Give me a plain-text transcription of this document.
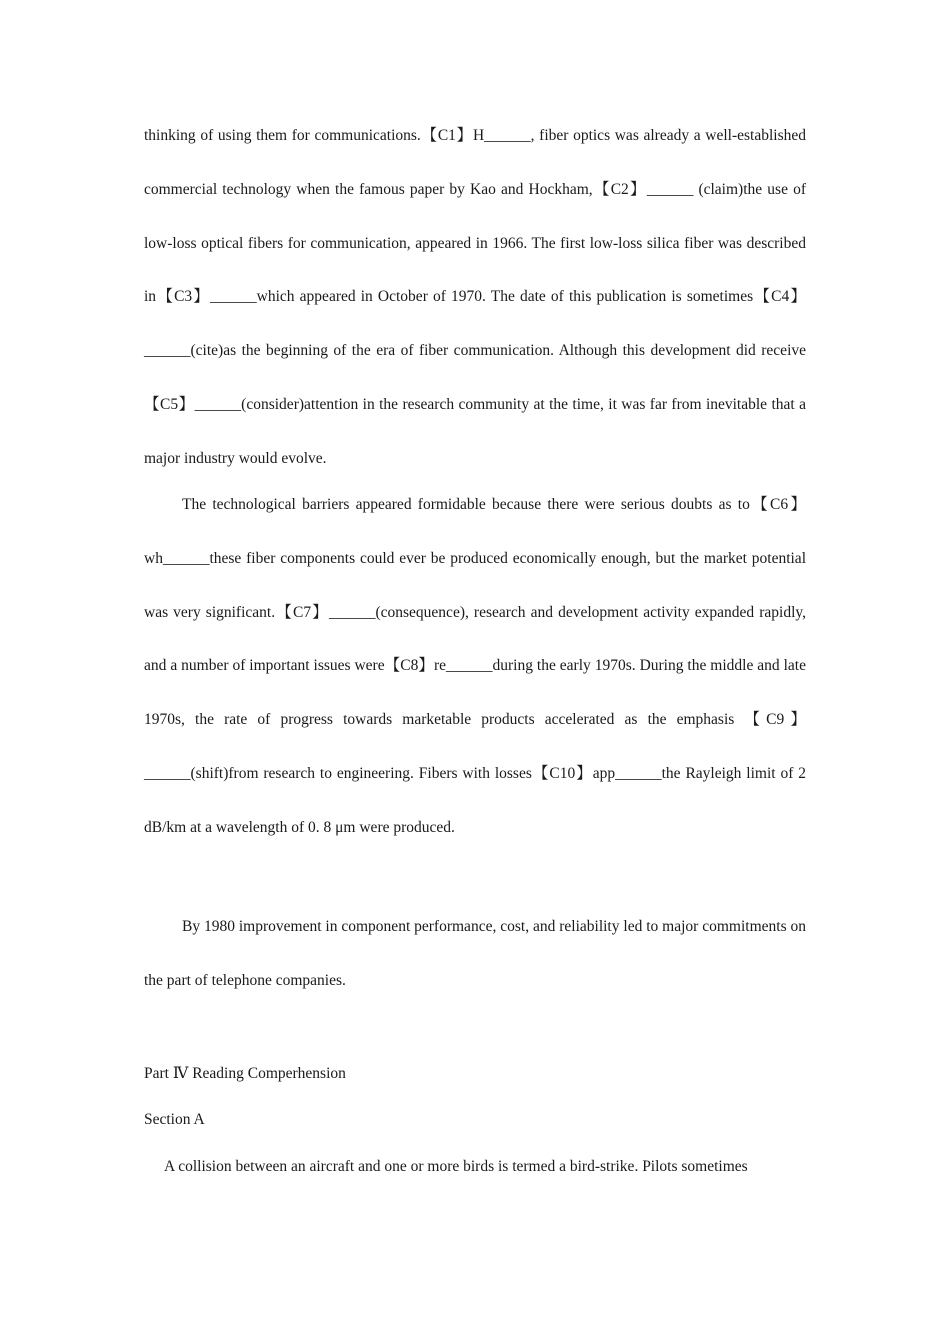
thinking of using them for communications.【C1】H______, fiber optics was already a well-established commercial technology when the famous paper by Kao and Hockham,【C2】______ (claim)the use of low-loss optical fibers for communication, appeared in 1966. The first low-loss silica fiber was described in【C3】______which appeared in October of 1970. The date of this publication is sometimes【C4】______(cite)as the beginning of the era of fiber communication. Although this development did receive 【C5】______(consider)attention in the research community at the time, it was far from inevitable that a major industry would evolve.

The technological barriers appeared formidable because there were serious doubts as to【C6】wh______these fiber components could ever be produced economically enough, but the market potential was very significant.【C7】______(consequence), research and development activity expanded rapidly, and a number of important issues were【C8】re______during the early 1970s. During the middle and late 1970s, the rate of progress towards marketable products accelerated as the emphasis 【C9】______(shift)from research to engineering. Fibers with losses【C10】app______the Rayleigh limit of 2 dB/km at a wavelength of 0. 8 μm were produced.

By 1980 improvement in component performance, cost, and reliability led to major commitments on the part of telephone companies.

Part Ⅳ Reading Comperhension

Section A

A collision between an aircraft and one or more birds is termed a bird-strike. Pilots sometimes
